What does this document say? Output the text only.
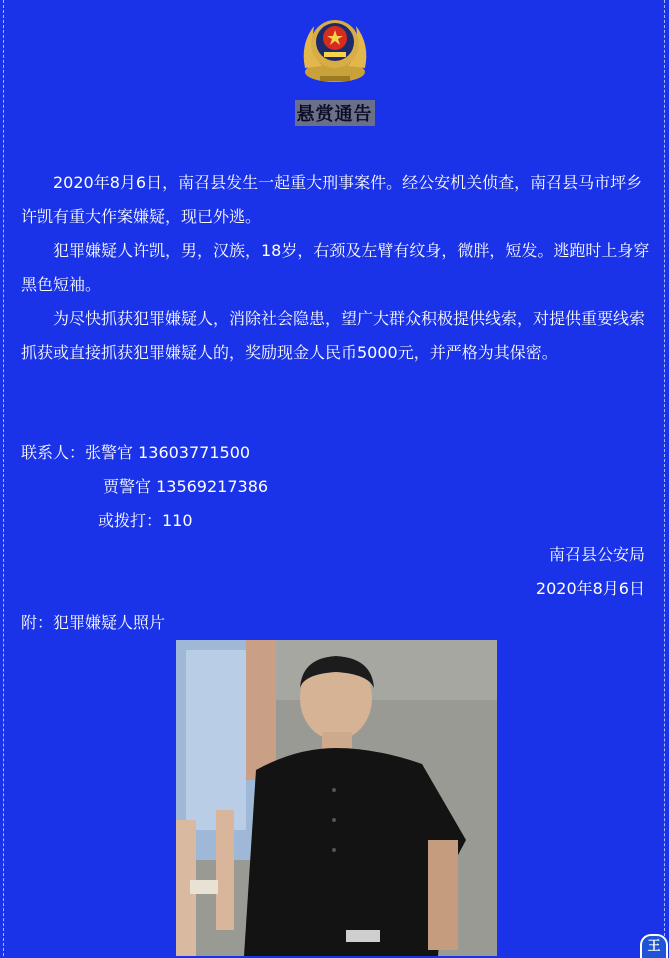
悬赏通告

2020年8月6日，南召县发生一起重大刑事案件。经公安机关侦查，南召县马市坪乡许凯有重大作案嫌疑，现已外逃。

犯罪嫌疑人许凯，男，汉族，18岁，右颈及左臂有纹身，微胖，短发。逃跑时上身穿黑色短袖。

为尽快抓获犯罪嫌疑人，消除社会隐患，望广大群众积极提供线索，对提供重要线索抓获或直接抓获犯罪嫌疑人的，奖励现金人民币5000元，并严格为其保密。

联系人：张警官 13603771500
贾警官 13569217386
或拨打：110
南召县公安局
2020年8月6日
附：犯罪嫌疑人照片
王
